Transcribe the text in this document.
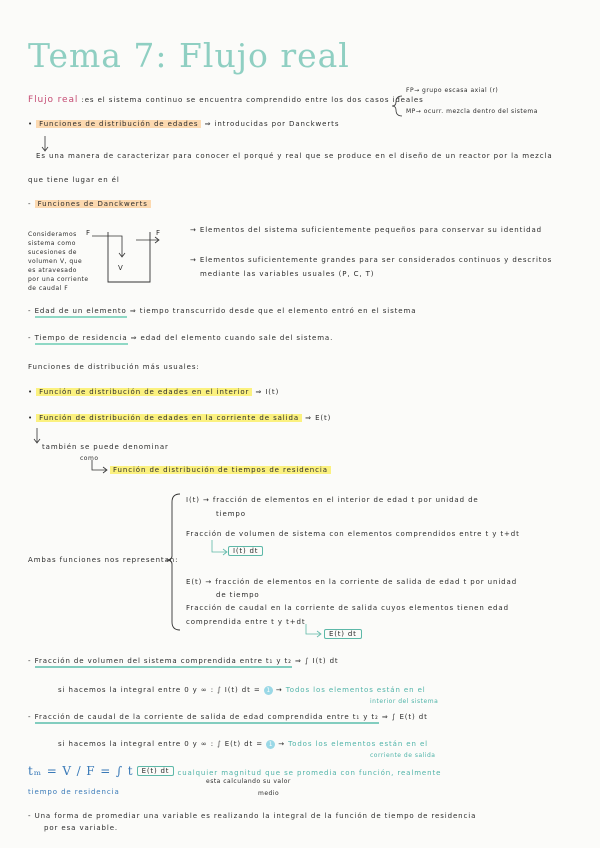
Tema 7: Flujo real
Flujo real :es el sistema continuo se encuentra comprendido entre los dos casos ideales
FP→ grupo escasa axial (r)
MP→ ocurr. mezcla dentro del sistema
• Funciones de distribución de edades ⇒ introducidas por Danckwerts
Es una manera de caracterizar para conocer el porqué y real que se produce en el diseño de un reactor por la mezcla
que tiene lugar en él
- Funciones de Danckwerts
Consideramos
sistema como
sucesiones de
volumen V, que
es atravesado
por una corriente
de caudal F
F	F
V
→ Elementos del sistema suficientemente pequeños para conservar su identidad
→ Elementos suficientemente grandes para ser considerados continuos y descritos
mediante las variables usuales (P, C, T)
- Edad de un elemento ⇒ tiempo transcurrido desde que el elemento entró en el sistema
- Tiempo de residencia ⇒ edad del elemento cuando sale del sistema.
Funciones de distribución más usuales:
• Función de distribución de edades en el interior ⇒ I(t)
• Función de distribución de edades en la corriente de salida ⇒ E(t)
también se puede denominar
como
Función de distribución de tiempos de residencia
Ambas funciones nos representan:
I(t) → fracción de elementos en el interior de edad t por unidad de
tiempo
Fracción de volumen de sistema con elementos comprendidos entre t y t+dt
I(t) dt
E(t) → fracción de elementos en la corriente de salida de edad t por unidad
de tiempo
Fracción de caudal en la corriente de salida cuyos elementos tienen edad
comprendida entre t y t+dt
E(t) dt
- Fracción de volumen del sistema comprendida entre t₁ y t₂ ⇒ ∫ I(t) dt
si hacemos la integral entre 0 y ∞ : ∫ I(t) dt = 1 → Todos los elementos están en el
interior del sistema
- Fracción de caudal de la corriente de salida de edad comprendida entre t₁ y t₂ ⇒ ∫ E(t) dt
si hacemos la integral entre 0 y ∞ : ∫ E(t) dt = 1 → Todos los elementos están en el
corriente de salida
tₘ = V / F = ∫ t E(t) dt cualquier magnitud que se promedia con función, realmente
esta calculando su valor
medio
tiempo de residencia
- Una forma de promediar una variable es realizando la integral de la función de tiempo de residencia
por esa variable.
